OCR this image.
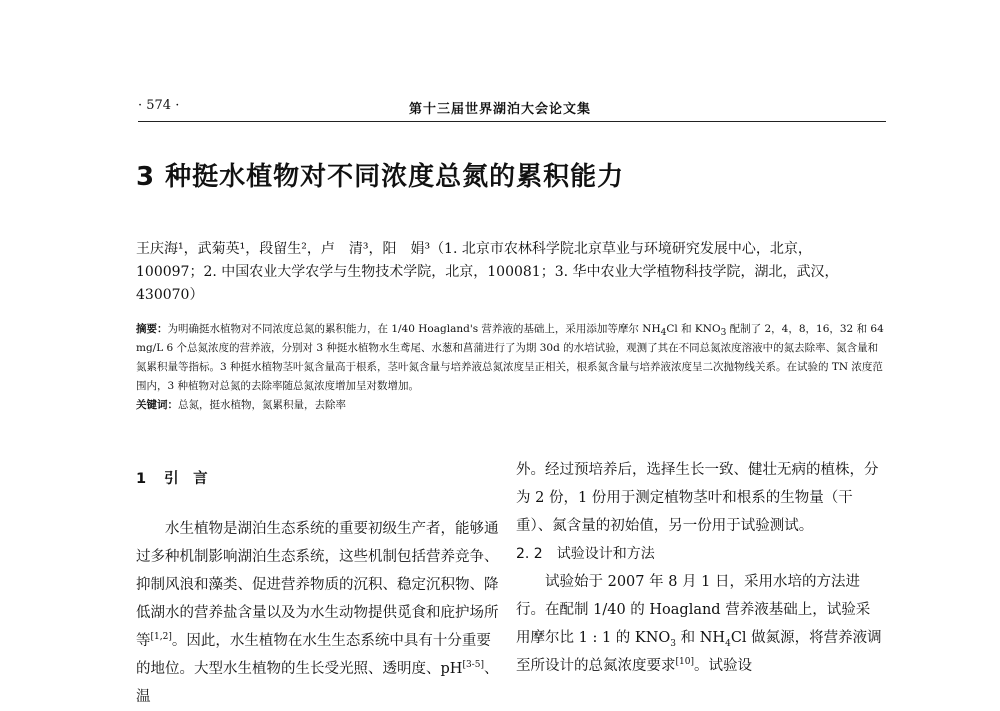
· 574 ·	第十三届世界湖泊大会论文集
3 种挺水植物对不同浓度总氮的累积能力
王庆海¹，武菊英¹，段留生²，卢　清³，阳　娟³（1. 北京市农林科学院北京草业与环境研究发展中心，北京，
100097；2. 中国农业大学农学与生物技术学院，北京，100081；3. 华中农业大学植物科技学院，湖北，武汉，430070）
摘要：为明确挺水植物对不同浓度总氮的累积能力，在 1/40 Hoagland's 营养液的基础上，采用添加等摩尔 $NH_4Cl$ 和 $KNO_3$ 配制了 2，4，8，16，32 和 64 mg/L 6 个总氮浓度的营养液，分别对 3 种挺水植物水生鸢尾、水葱和菖蒲进行了为期 30d 的水培试验，观测了其在不同总氮浓度溶液中的氮去除率、氮含量和氮累积量等指标。3 种挺水植物茎叶氮含量高于根系，茎叶氮含量与培养液总氮浓度呈正相关，根系氮含量与培养液浓度呈二次抛物线关系。在试验的 TN 浓度范围内，3 种植物对总氮的去除率随总氮浓度增加呈对数增加。
关键词：总氮，挺水植物，氮累积量，去除率
1 引　言

水生植物是湖泊生态系统的重要初级生产者，能够通过多种机制影响湖泊生态系统，这些机制包括营养竞争、抑制风浪和藻类、促进营养物质的沉积、稳定沉积物、降低湖水的营养盐含量以及为水生动物提供觅食和庇护场所等[1,2]。因此，水生植物在水生生态系统中具有十分重要的地位。大型水生植物的生长受光照、透明度、pH[3-5]、温

外。经过预培养后，选择生长一致、健壮无病的植株，分为 2 份，1 份用于测定植物茎叶和根系的生物量（干重）、氮含量的初始值，另一份用于试验测试。

2. 2 试验设计和方法

试验始于 2007 年 8 月 1 日，采用水培的方法进行。在配制 1/40 的 Hoagland 营养液基础上，试验采用摩尔比 1 : 1 的 $KNO_3$ 和 $NH_4Cl$ 做氮源，将营养液调至所设计的总氮浓度要求[10]。试验设
